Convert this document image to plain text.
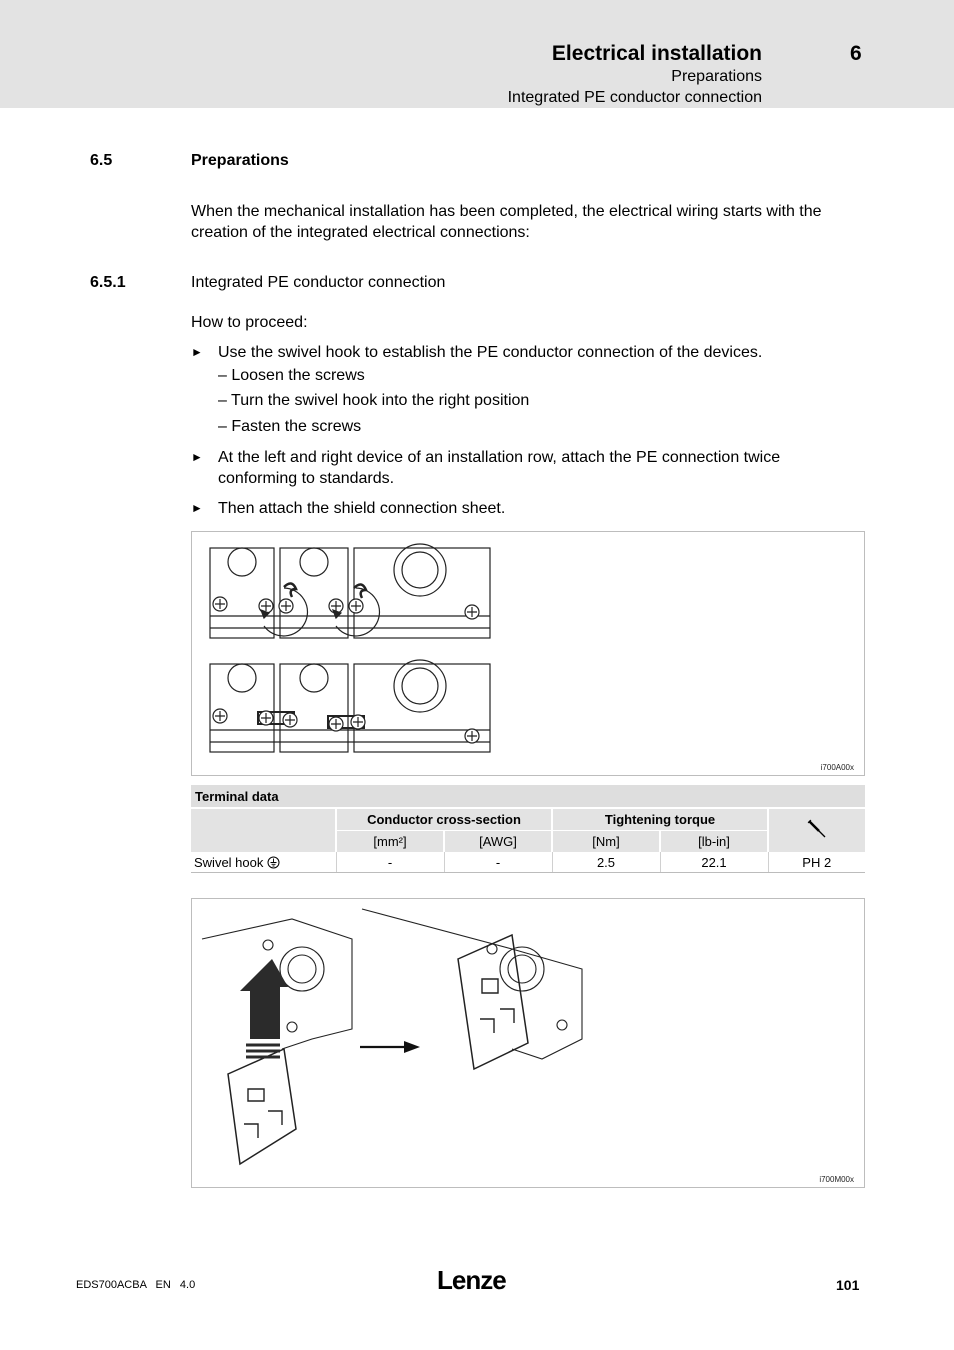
Electrical installation	6
Preparations
Integrated PE conductor connection
6.5	Preparations
When the mechanical installation has been completed, the electrical wiring starts with the creation of the integrated electrical connections:
6.5.1	Integrated PE conductor connection
How to proceed:
► Use the swivel hook to establish the PE conductor connection of the devices.
– Loosen the screws
– Turn the swivel hook into the right position
– Fasten the screws
► At the left and right device of an installation row, attach the PE connection twice conforming to standards.
► Then attach the shield connection sheet.
i700A00x
Terminal data					
	Conductor cross-section		Tightening torque	
	[mm²]	[AWG]	[Nm]	[lb-in]	
Swivel hook	-	-	2.5	22.1	PH 2
i700M00x
EDS700ACBA   EN   4.0	Lenze	101
